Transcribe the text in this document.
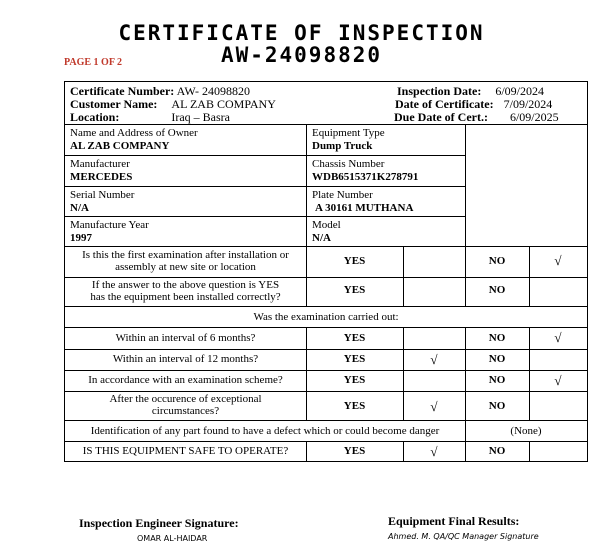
CERTIFICATE OF INSPECTION
AW-24098820
PAGE 1 OF 2
Certificate Number: AW- 24098820
Customer Name: AL ZAB COMPANY
Location:	Iraq – Basra
Inspection Date: 6/09/2024
Date of Certificate: 7/09/2024
Due Date of Cert.: 6/09/2025
Name and Address of Owner
AL ZAB COMPANY
Equipment Type
Dump Truck
Manufacturer
MERCEDES
Chassis Number
WDB6515371K278791
Serial Number
N/A
Plate Number
A 30161 MUTHANA
Manufacture Year
1997
Model
N/A
Is this the first examination after installation or
assembly at new site or location	YES	NO	√
If the answer to the above question is YES
has the equipment been installed correctly?
YES	NO
Was the examination carried out:
Within an interval of 6 months?	YES	NO	√
Within an interval of 12 months?	YES	√	NO
In accordance with an examination scheme?	YES	NO	√
After the occurence of exceptional
circumstances?	YES	√	NO
Identification of any part found to have a defect which or could become danger	(None)
IS THIS EQUIPMENT SAFE TO OPERATE?	YES	√	NO
Inspection Engineer Signature:
OMAR AL-HAIDAR
Equipment Final Results:
Ahmed. M. QA/QC Manager Signature
